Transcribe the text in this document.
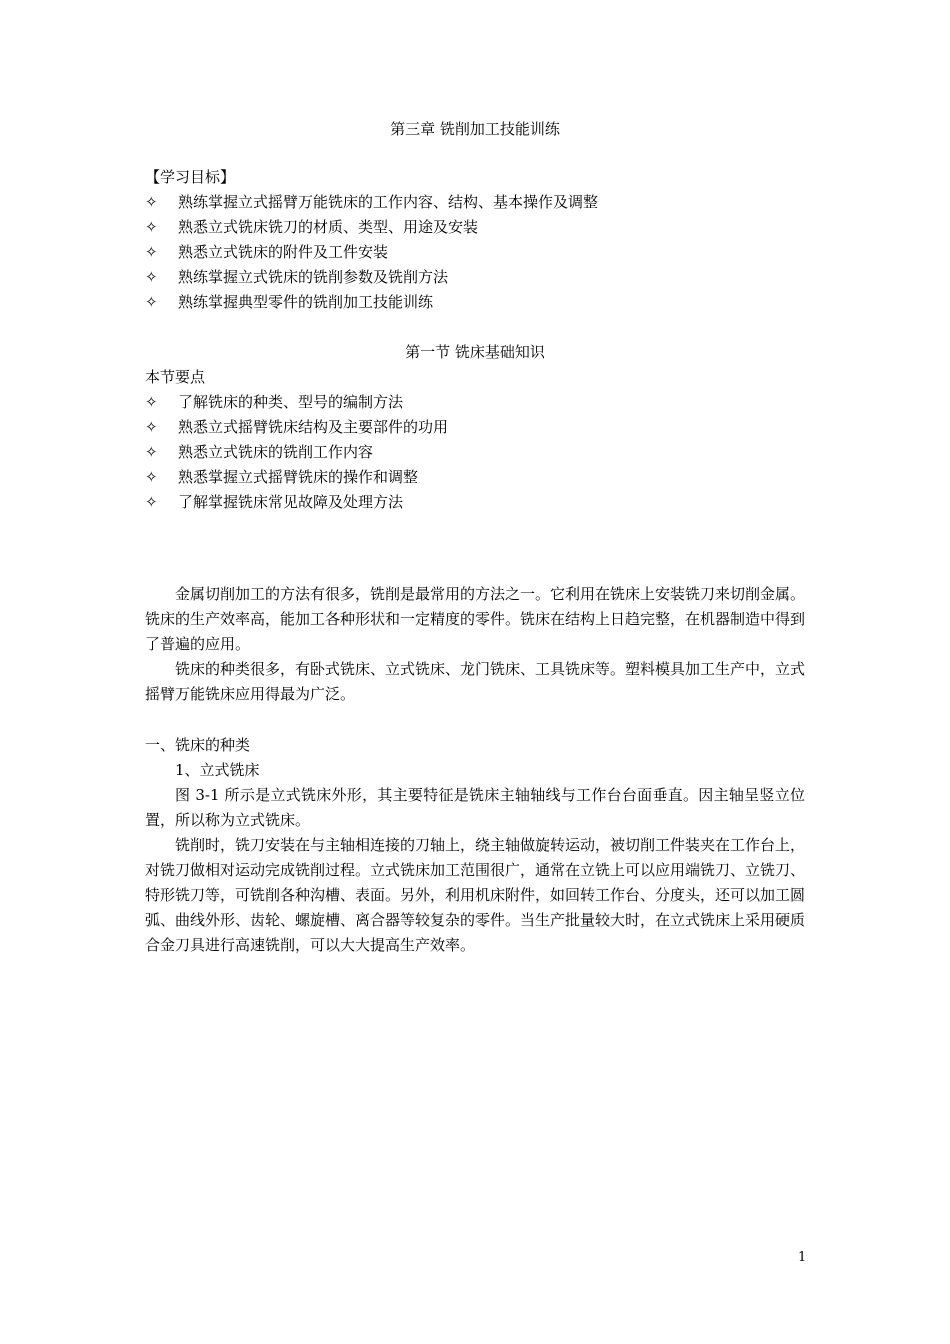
第三章 铣削加工技能训练
【学习目标】
✧ 熟练掌握立式摇臂万能铣床的工作内容、结构、基本操作及调整
✧ 熟悉立式铣床铣刀的材质、类型、用途及安装
✧ 熟悉立式铣床的附件及工件安装
✧ 熟练掌握立式铣床的铣削参数及铣削方法
✧ 熟练掌握典型零件的铣削加工技能训练
第一节 铣床基础知识
本节要点
✧ 了解铣床的种类、型号的编制方法
✧ 熟悉立式摇臂铣床结构及主要部件的功用
✧ 熟悉立式铣床的铣削工作内容
✧ 熟悉掌握立式摇臂铣床的操作和调整
✧ 了解掌握铣床常见故障及处理方法

金属切削加工的方法有很多，铣削是最常用的方法之一。它利用在铣床上安装铣刀来切削金属。铣床的生产效率高，能加工各种形状和一定精度的零件。铣床在结构上日趋完整，在机器制造中得到了普遍的应用。

铣床的种类很多，有卧式铣床、立式铣床、龙门铣床、工具铣床等。塑料模具加工生产中，立式摇臂万能铣床应用得最为广泛。

一、铣床的种类

1、立式铣床

图 3-1 所示是立式铣床外形，其主要特征是铣床主轴轴线与工作台台面垂直。因主轴呈竖立位置，所以称为立式铣床。

铣削时，铣刀安装在与主轴相连接的刀轴上，绕主轴做旋转运动，被切削工件装夹在工作台上，对铣刀做相对运动完成铣削过程。立式铣床加工范围很广，通常在立铣上可以应用端铣刀、立铣刀、特形铣刀等，可铣削各种沟槽、表面。另外，利用机床附件，如回转工作台、分度头，还可以加工圆弧、曲线外形、齿轮、螺旋槽、离合器等较复杂的零件。当生产批量较大时，在立式铣床上采用硬质合金刀具进行高速铣削，可以大大提高生产效率。

1
